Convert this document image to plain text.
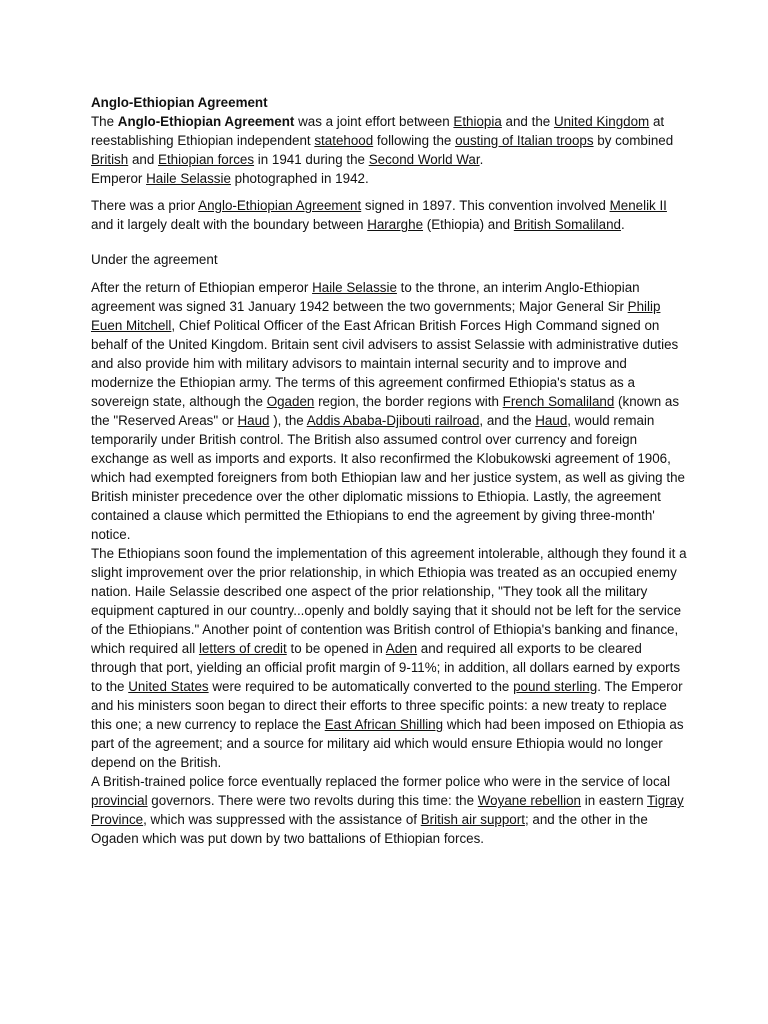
Anglo-Ethiopian Agreement

The Anglo-Ethiopian Agreement was a joint effort between Ethiopia and the United Kingdom at reestablishing Ethiopian independent statehood following the ousting of Italian troops by combined British and Ethiopian forces in 1941 during the Second World War.
Emperor Haile Selassie photographed in 1942.

There was a prior Anglo-Ethiopian Agreement signed in 1897. This convention involved Menelik II and it largely dealt with the boundary between Hararghe (Ethiopia) and British Somaliland.

Under the agreement

After the return of Ethiopian emperor Haile Selassie to the throne, an interim Anglo-Ethiopian agreement was signed 31 January 1942 between the two governments; Major General Sir Philip Euen Mitchell, Chief Political Officer of the East African British Forces High Command signed on behalf of the United Kingdom. Britain sent civil advisers to assist Selassie with administrative duties and also provide him with military advisors to maintain internal security and to improve and modernize the Ethiopian army. The terms of this agreement confirmed Ethiopia's status as a sovereign state, although the Ogaden region, the border regions with French Somaliland (known as the "Reserved Areas" or Haud ), the Addis Ababa-Djibouti railroad, and the Haud, would remain temporarily under British control. The British also assumed control over currency and foreign exchange as well as imports and exports. It also reconfirmed the Klobukowski agreement of 1906, which had exempted foreigners from both Ethiopian law and her justice system, as well as giving the British minister precedence over the other diplomatic missions to Ethiopia. Lastly, the agreement contained a clause which permitted the Ethiopians to end the agreement by giving three-month' notice.

The Ethiopians soon found the implementation of this agreement intolerable, although they found it a slight improvement over the prior relationship, in which Ethiopia was treated as an occupied enemy nation. Haile Selassie described one aspect of the prior relationship, "They took all the military equipment captured in our country...openly and boldly saying that it should not be left for the service of the Ethiopians." Another point of contention was British control of Ethiopia's banking and finance, which required all letters of credit to be opened in Aden and required all exports to be cleared through that port, yielding an official profit margin of 9-11%; in addition, all dollars earned by exports to the United States were required to be automatically converted to the pound sterling. The Emperor and his ministers soon began to direct their efforts to three specific points: a new treaty to replace this one; a new currency to replace the East African Shilling which had been imposed on Ethiopia as part of the agreement; and a source for military aid which would ensure Ethiopia would no longer depend on the British.

A British-trained police force eventually replaced the former police who were in the service of local provincial governors. There were two revolts during this time: the Woyane rebellion in eastern Tigray Province, which was suppressed with the assistance of British air support; and the other in the Ogaden which was put down by two battalions of Ethiopian forces.
